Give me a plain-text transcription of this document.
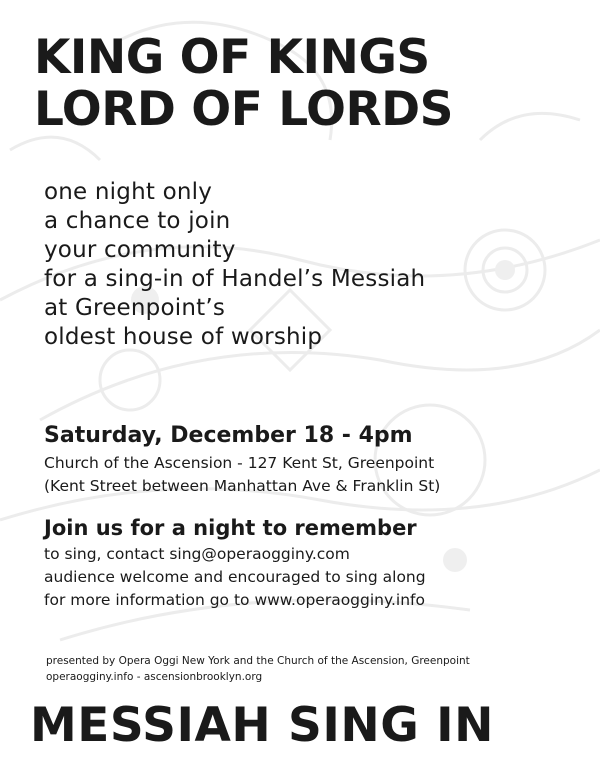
KING OF KINGS
LORD OF LORDS
one night only
a chance to join
your community
for a sing-in of Handel’s Messiah
at Greenpoint’s
oldest house of worship
Saturday, December 18 - 4pm
Church of the Ascension - 127 Kent St, Greenpoint
(Kent Street between Manhattan Ave & Franklin St)
Join us for a night to remember
to sing, contact sing@operaogginy.com
audience welcome and encouraged to sing along
for more information go to www.operaogginy.info
presented by Opera Oggi New York and the Church of the Ascension, Greenpoint
operaogginy.info - ascensionbrooklyn.org
MESSIAH SING IN
